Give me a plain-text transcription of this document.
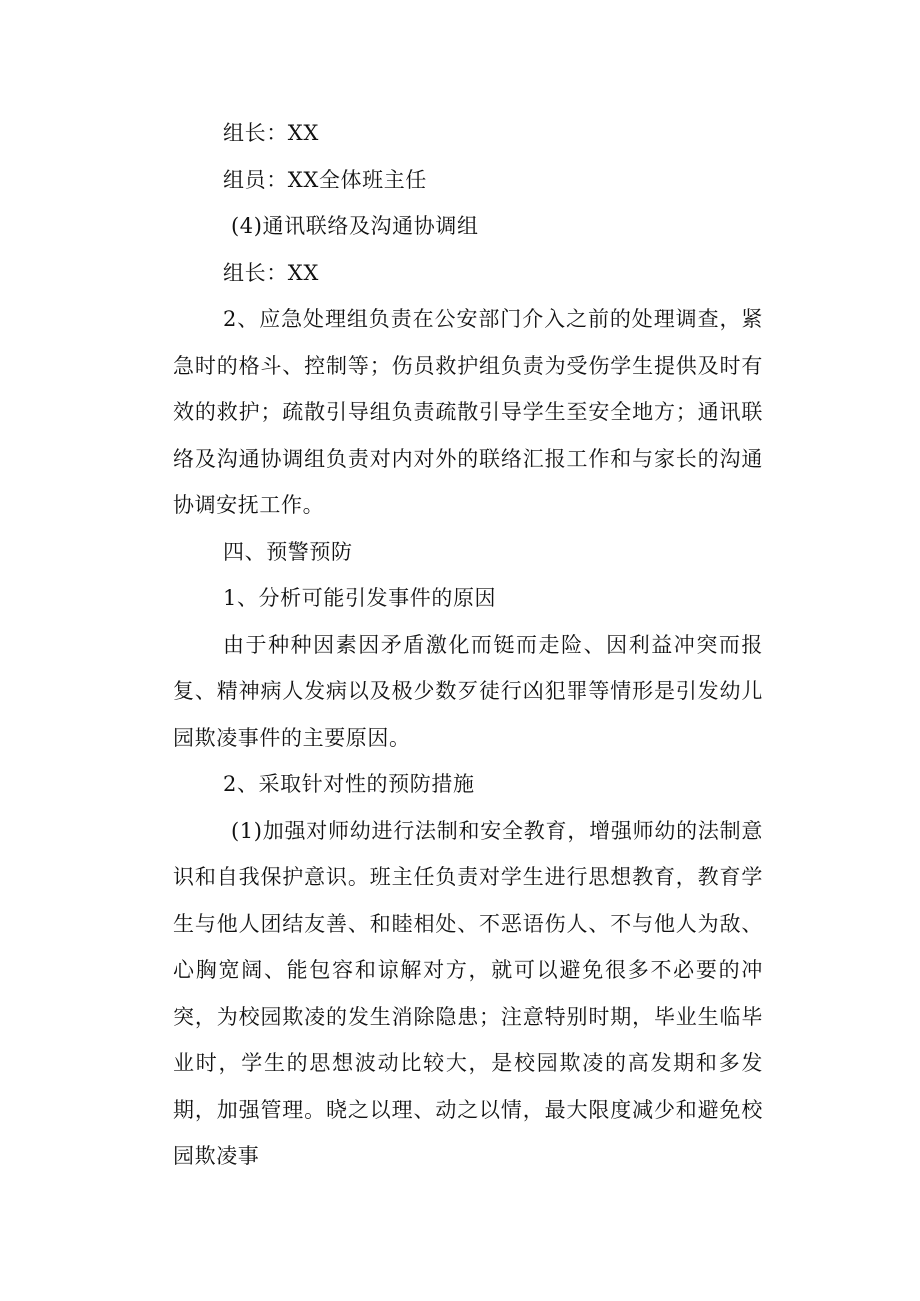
组长：XX

组员：XX全体班主任

(4)通讯联络及沟通协调组

组长：XX

2、应急处理组负责在公安部门介入之前的处理调查，紧急时的格斗、控制等；伤员救护组负责为受伤学生提供及时有效的救护；疏散引导组负责疏散引导学生至安全地方；通讯联络及沟通协调组负责对内对外的联络汇报工作和与家长的沟通协调安抚工作。

四、预警预防

1、分析可能引发事件的原因

由于种种因素因矛盾激化而铤而走险、因利益冲突而报复、精神病人发病以及极少数歹徒行凶犯罪等情形是引发幼儿园欺凌事件的主要原因。

2、采取针对性的预防措施

(1)加强对师幼进行法制和安全教育，增强师幼的法制意识和自我保护意识。班主任负责对学生进行思想教育，教育学生与他人团结友善、和睦相处、不恶语伤人、不与他人为敌、心胸宽阔、能包容和谅解对方，就可以避免很多不必要的冲突，为校园欺凌的发生消除隐患；注意特别时期，毕业生临毕业时，学生的思想波动比较大，是校园欺凌的高发期和多发期，加强管理。晓之以理、动之以情，最大限度减少和避免校园欺凌事
